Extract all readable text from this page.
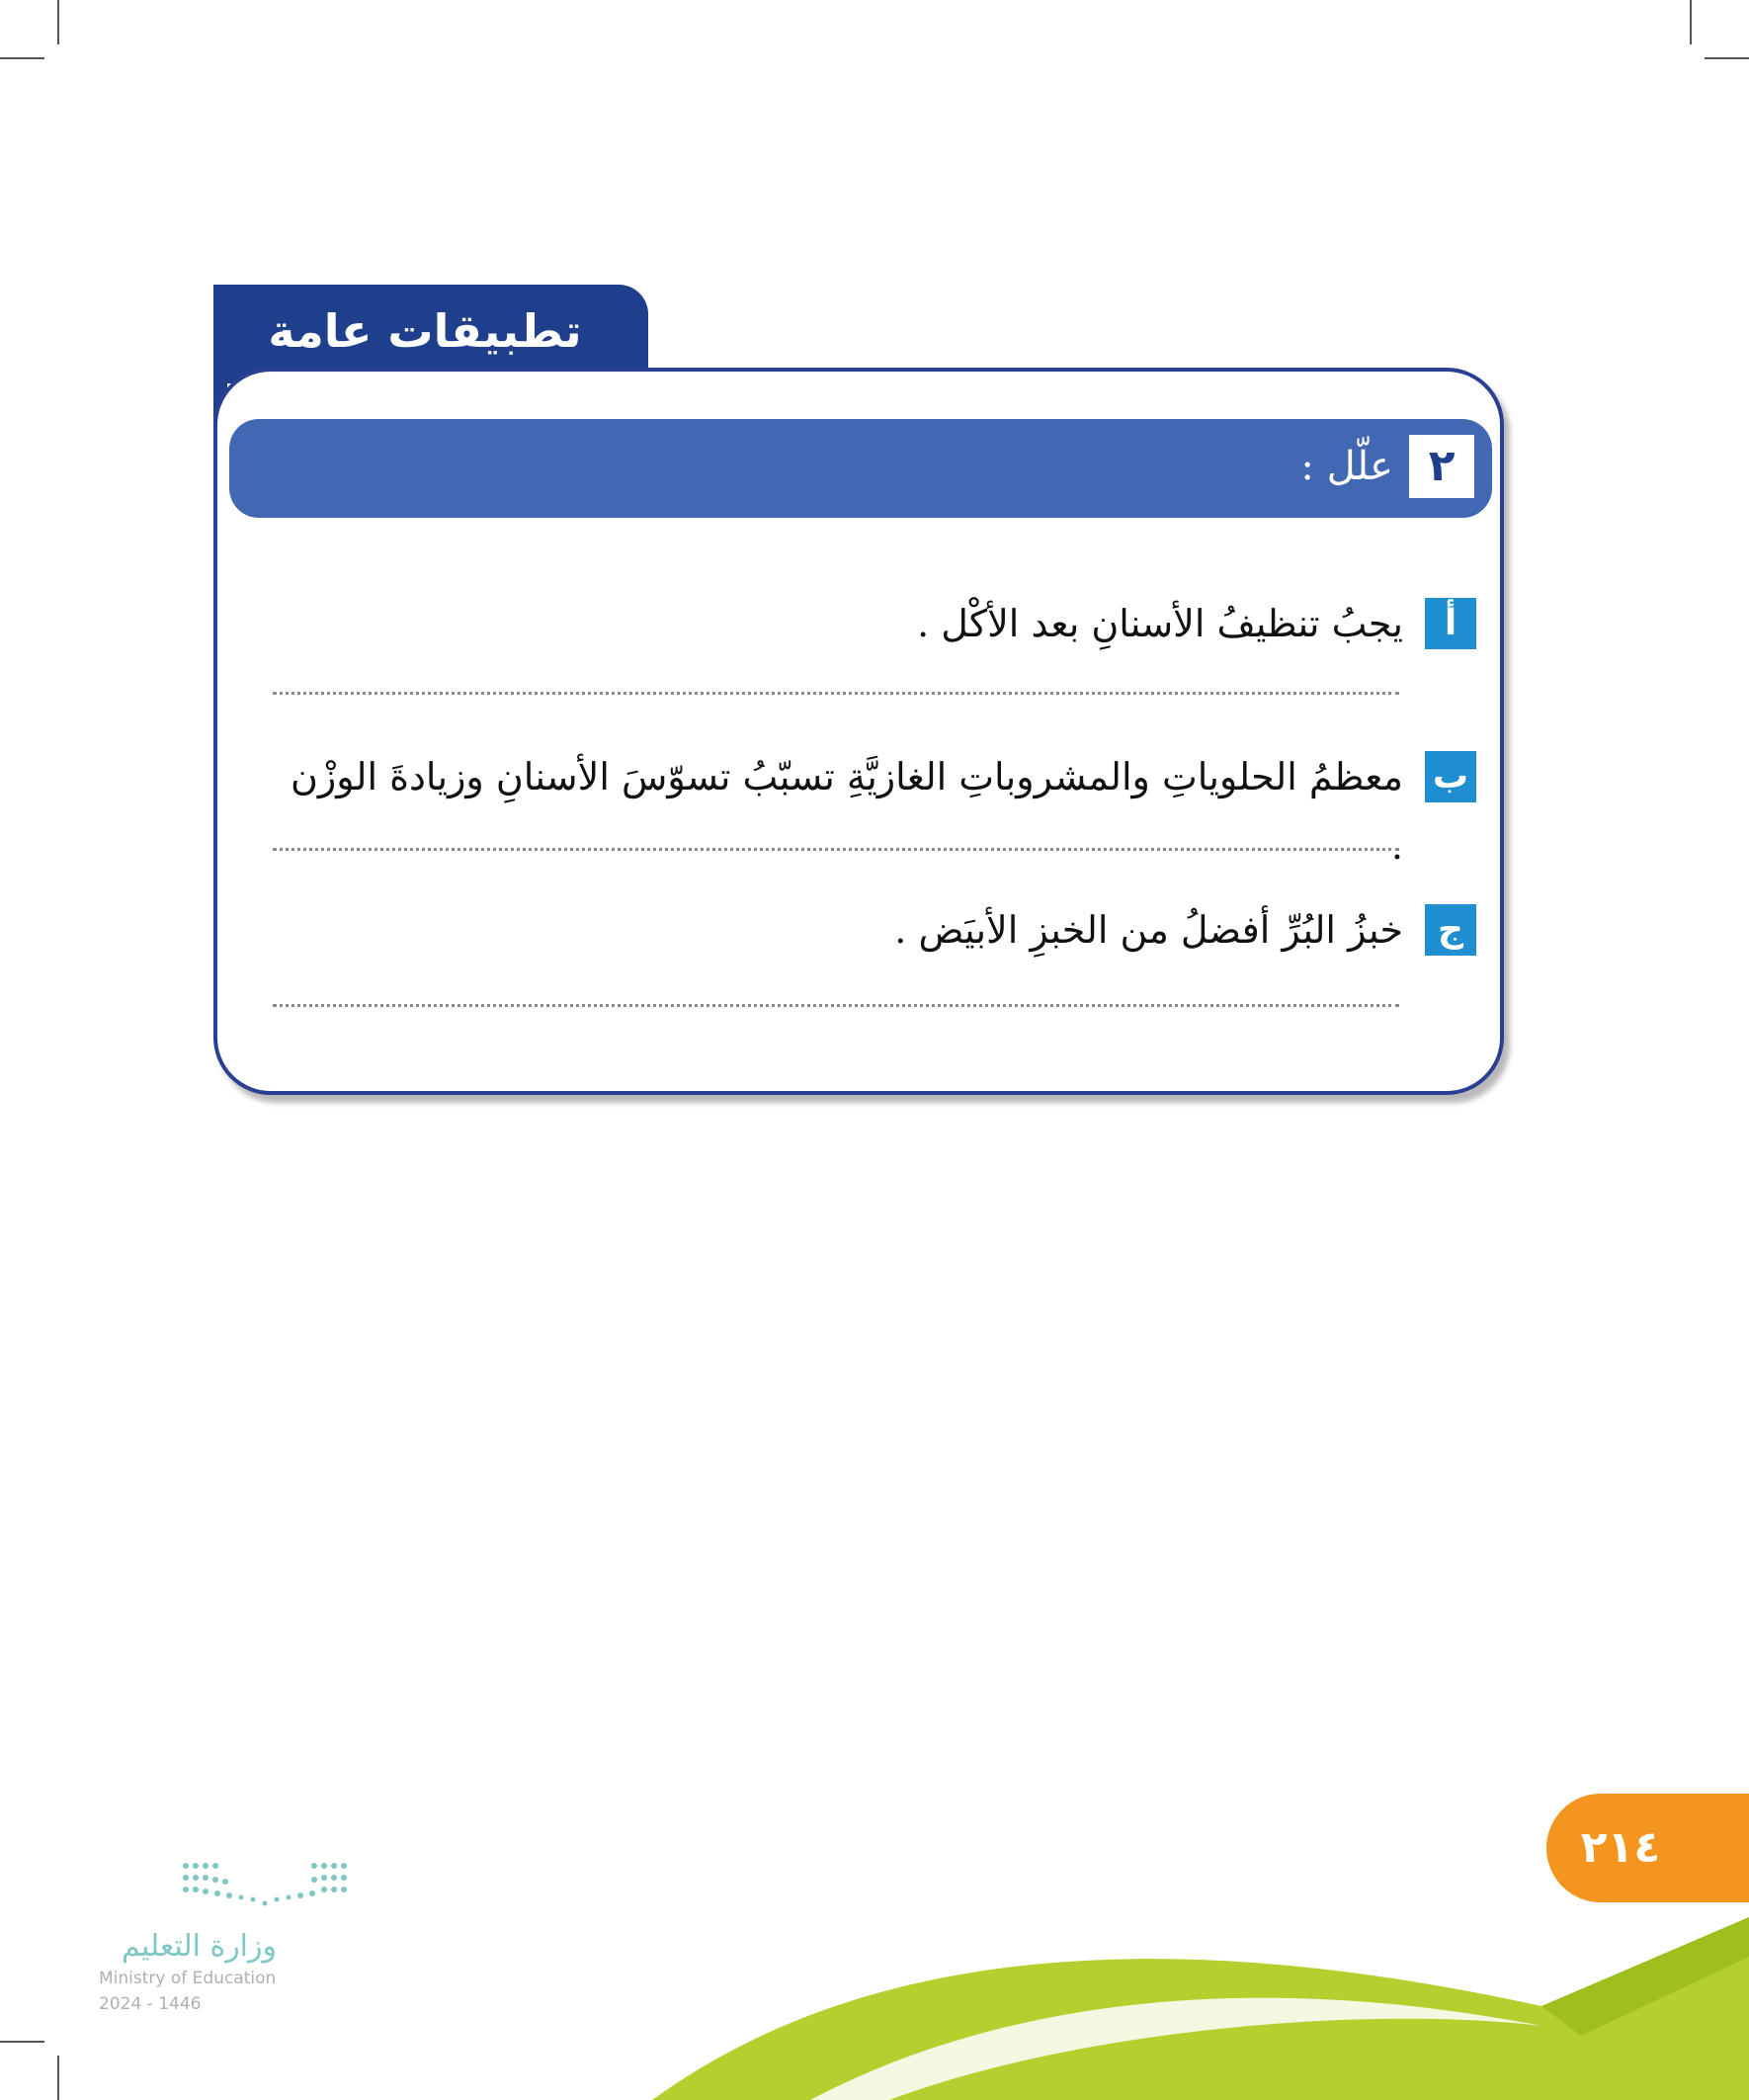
تطبيقات عامة
٢
علّل :
أ
يجبُ تنظيفُ الأسنانِ بعد الأكْل .
ب
معظمُ الحلوياتِ والمشروباتِ الغازيَّةِ تسبّبُ تسوّسَ الأسنانِ وزيادةَ الوزْن .
ج
خبزُ البُرِّ أفضلُ من الخبزِ الأبيَض .
٢١٤
وزارة التعليم
Ministry of Education
2024 - 1446
